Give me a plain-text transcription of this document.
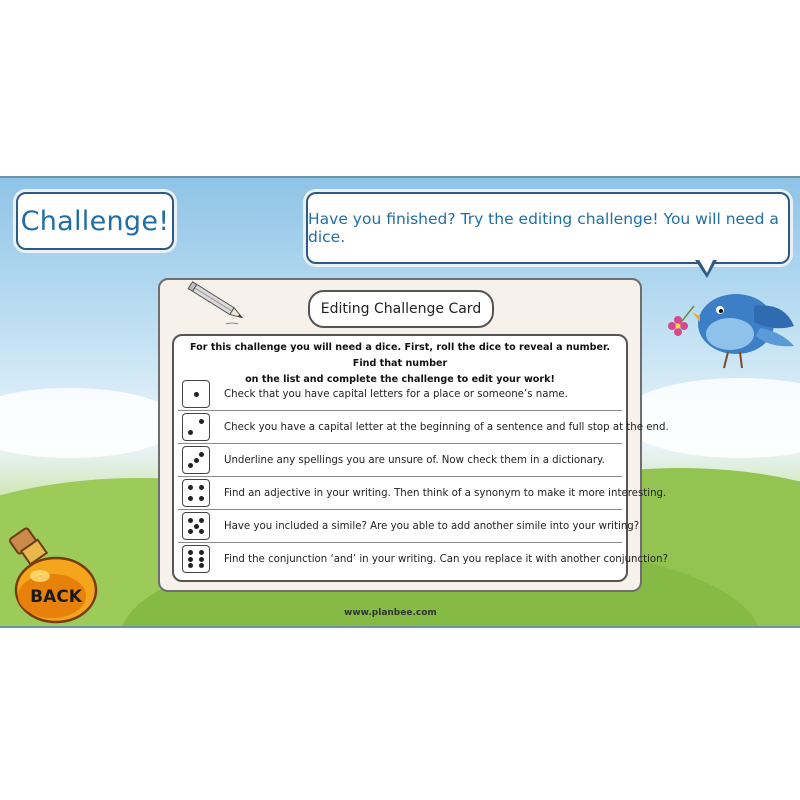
Challenge!	Have you finished? Try the editing challenge! You will need a dice.
Editing Challenge Card
For this challenge you will need a dice. First, roll the dice to reveal a number. Find that number
on the list and complete the challenge to edit your work!
Check that you have capital letters for a place or someone’s name.
Check you have a capital letter at the beginning of a sentence and full stop at the end.
Underline any spellings you are unsure of. Now check them in a dictionary.
Find an adjective in your writing. Then think of a synonym to make it more interesting.
Have you included a simile? Are you able to add another simile into your writing?
Find the conjunction ‘and’ in your writing. Can you replace it with another conjunction?
BACK
www.planbee.com
